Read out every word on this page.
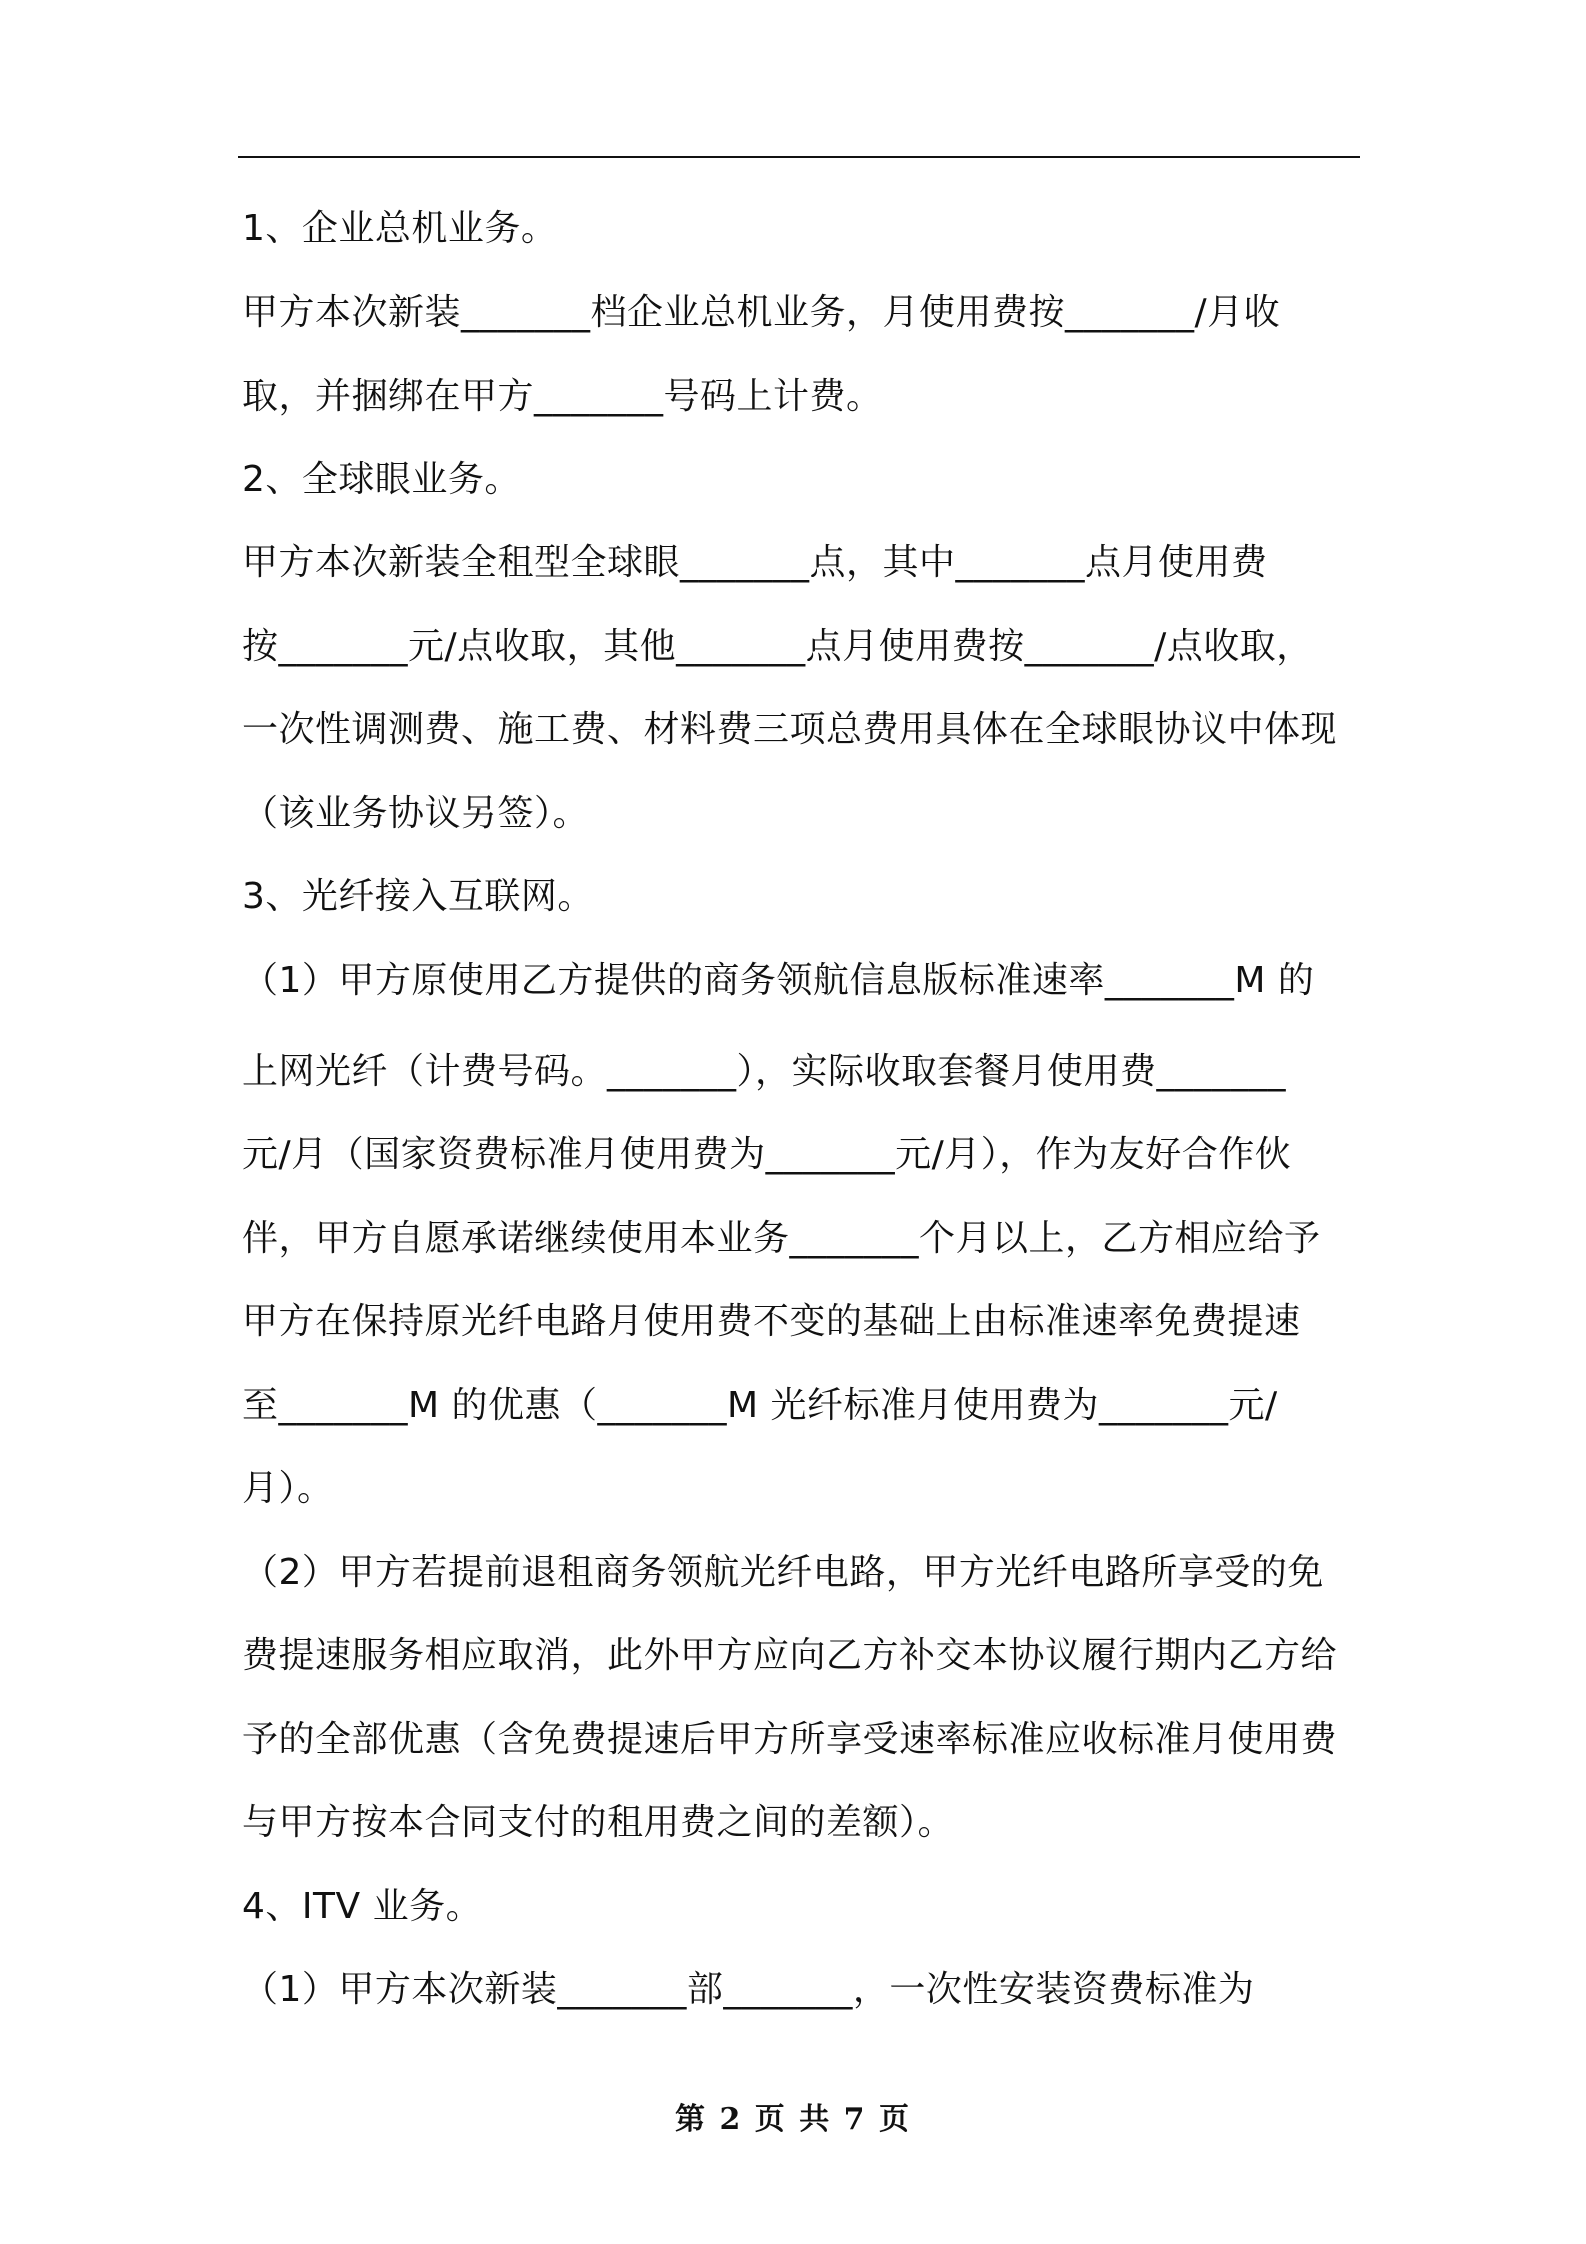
1、企业总机业务。
甲方本次新装_______档企业总机业务，月使用费按_______/月收
取，并捆绑在甲方_______号码上计费。
2、全球眼业务。
甲方本次新装全租型全球眼_______点，其中_______点月使用费
按_______元/点收取，其他_______点月使用费按_______/点收取，
一次性调测费、施工费、材料费三项总费用具体在全球眼协议中体现
（该业务协议另签）。
3、光纤接入互联网。
（1）甲方原使用乙方提供的商务领航信息版标准速率_______M 的
上网光纤（计费号码。_______），实际收取套餐月使用费_______
元/月（国家资费标准月使用费为_______元/月），作为友好合作伙
伴，甲方自愿承诺继续使用本业务_______个月以上，乙方相应给予
甲方在保持原光纤电路月使用费不变的基础上由标准速率免费提速
至_______M 的优惠（_______M 光纤标准月使用费为_______元/
月）。
（2）甲方若提前退租商务领航光纤电路，甲方光纤电路所享受的免
费提速服务相应取消，此外甲方应向乙方补交本协议履行期内乙方给
予的全部优惠（含免费提速后甲方所享受速率标准应收标准月使用费
与甲方按本合同支付的租用费之间的差额）。
4、ITV 业务。
（1）甲方本次新装_______部_______，一次性安装资费标准为
第 2 页 共 7 页
